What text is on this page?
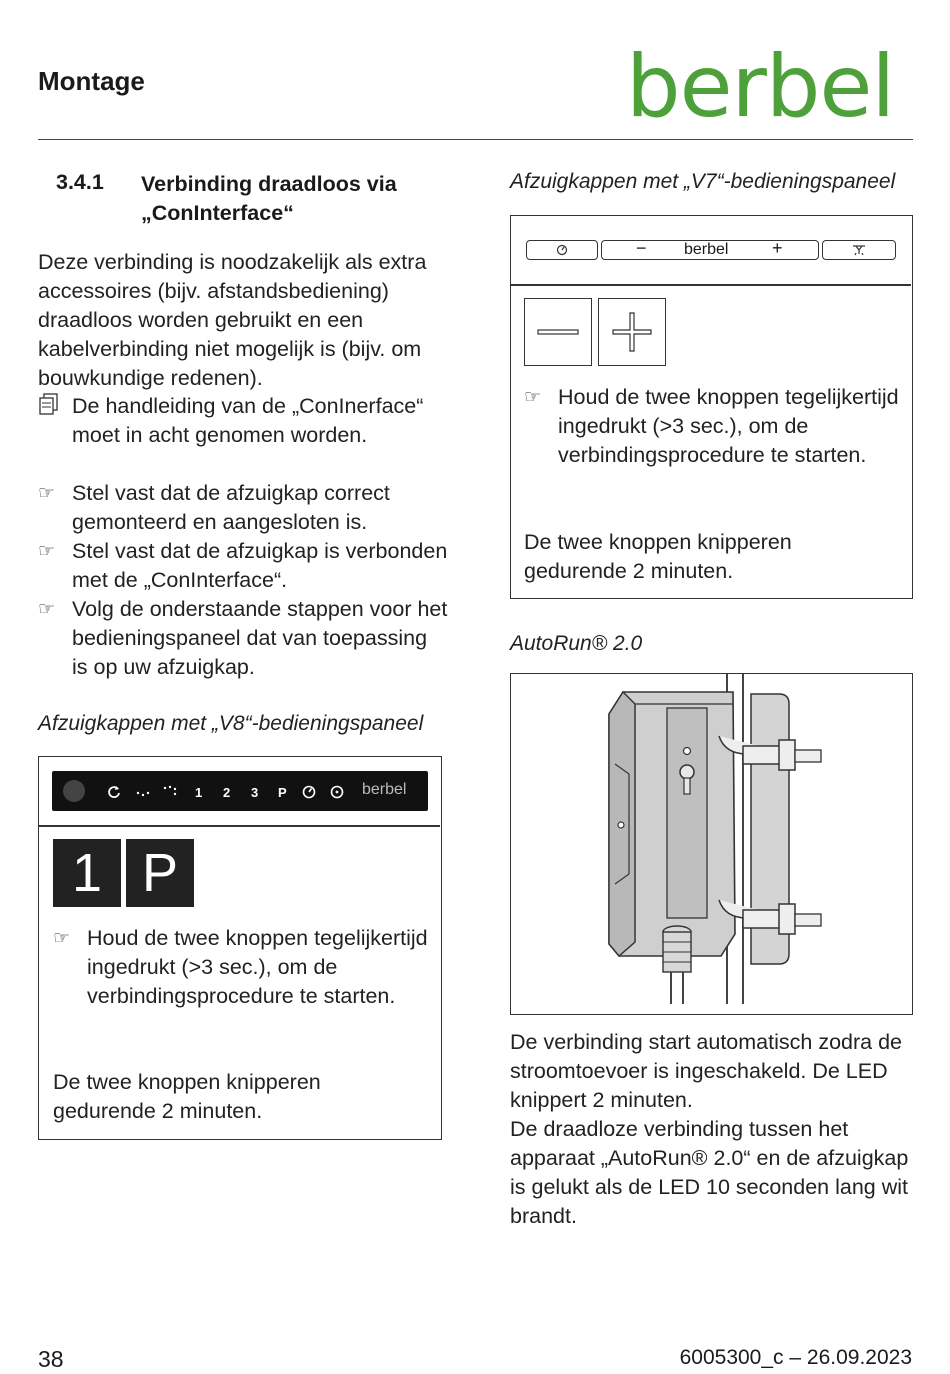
Montage	berbel
3.4.1 Verbinding draadloos via „ConInterface“
Deze verbinding is noodzakelijk als extra accessoires (bijv. afstandsbediening) draadloos worden gebruikt en een kabelverbinding niet mogelijk is (bijv. om bouwkundige redenen).
De handleiding van de „ConInerface“ moet in acht genomen worden.
☞ Stel vast dat de afzuigkap correct gemonteerd en aangesloten is.
☞ Stel vast dat de afzuigkap is verbonden met de „ConInterface“.
☞ Volg de onderstaande stappen voor het bedieningspaneel dat van toepassing is op uw afzuigkap.
Afzuigkappen met „V8“-bedieningspaneel
1 2 3 P	berbel
1 P
☞ Houd de twee knoppen tegelijkertijd ingedrukt (>3 sec.), om de verbindingsprocedure te starten.
De twee knoppen knipperen gedurende 2 minuten.
Afzuigkappen met „V7“-bedieningspaneel
− berbel +
☞ Houd de twee knoppen tegelijkertijd ingedrukt (>3 sec.), om de verbindingsprocedure te starten.
De twee knoppen knipperen gedurende 2 minuten.
AutoRun® 2.0
De verbinding start automatisch zodra de stroomtoevoer is ingeschakeld. De LED knippert 2 minuten.
De draadloze verbinding tussen het apparaat „AutoRun® 2.0“ en de afzuigkap is gelukt als de LED 10 seconden lang wit brandt.
38	6005300_c – 26.09.2023
